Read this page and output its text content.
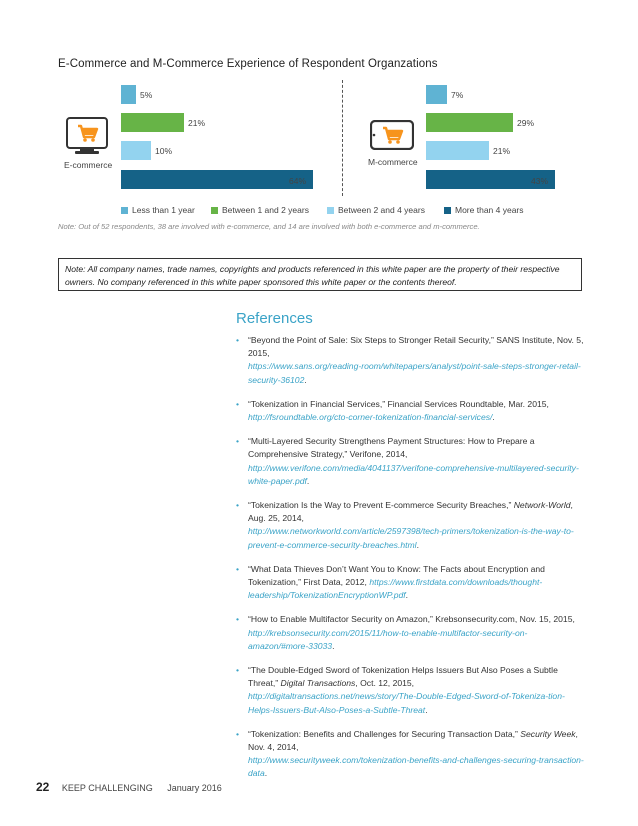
E-Commerce and M-Commerce Experience of Respondent Organzations
E-commerce	M-commerce
5%
21%
10%
64%
7%
29%
21%
43%
Less than 1 year	Between 1 and 2 years	Between 2 and 4 years	More than 4 years
Note: Out of 52 respondents, 38 are involved with e-commerce, and 14 are involved with both e-commerce and m-commerce.
Note: All company names, trade names, copyrights and products referenced in this white paper are the property of their respective owners. No company referenced in this white paper sponsored this white paper or the contents thereof.
References
• “Beyond the Point of Sale: Six Steps to Stronger Retail Security,” SANS Institute, Nov. 5, 2015,
https://www.sans.org/reading-room/whitepapers/analyst/point-sale-steps-stronger-retail-security-36102.
• “Tokenization in Financial Services,” Financial Services Roundtable, Mar. 2015,
http://fsroundtable.org/cto-corner-tokenization-financial-services/.
• “Multi-Layered Security Strengthens Payment Structures: How to Prepare a Comprehensive Strategy,” Verifone, 2014,
http://www.verifone.com/media/4041137/verifone-comprehensive-multilayered-security-white-paper.pdf.
• “Tokenization Is the Way to Prevent E-commerce Security Breaches,” Network-World, Aug. 25, 2014,
http://www.networkworld.com/article/2597398/tech-primers/tokenization-is-the-way-to-prevent-e-commerce-security-breaches.html.
• “What Data Thieves Don’t Want You to Know: The Facts about Encryption and Tokenization,” First Data, 2012, https://www.firstdata.com/downloads/thought-leadership/TokenizationEncryptionWP.pdf.
• “How to Enable Multifactor Security on Amazon,” Krebsonsecurity.com, Nov. 15, 2015,
http://krebsonsecurity.com/2015/11/how-to-enable-multifactor-security-on-amazon/#more-33033.
• “The Double-Edged Sword of Tokenization Helps Issuers But Also Poses a Subtle Threat,” Digital Transactions, Oct. 12, 2015,
http://digitaltransactions.net/news/story/The-Double-Edged-Sword-of-Tokeniza-tion-Helps-Issuers-But-Also-Poses-a-Subtle-Threat.
• “Tokenization: Benefits and Challenges for Securing Transaction Data,” Security Week, Nov. 4, 2014,
http://www.securityweek.com/tokenization-benefits-and-challenges-securing-transaction-data.
22 KEEP CHALLENGING January 2016
